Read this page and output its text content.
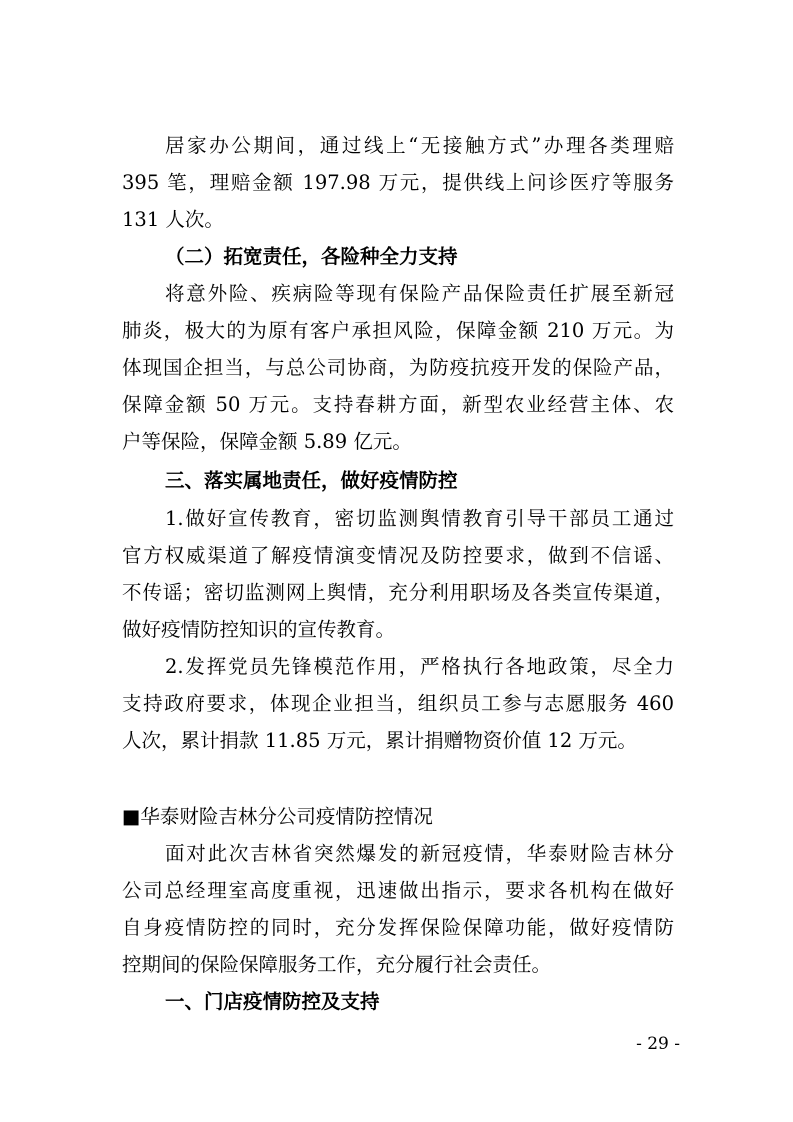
居家办公期间，通过线上“无接触方式”办理各类理赔
395 笔，理赔金额 197.98 万元，提供线上问诊医疗等服务
131 人次。
（二）拓宽责任，各险种全力支持
将意外险、疾病险等现有保险产品保险责任扩展至新冠
肺炎，极大的为原有客户承担风险，保障金额 210 万元。为
体现国企担当，与总公司协商，为防疫抗疫开发的保险产品，
保障金额 50 万元。支持春耕方面，新型农业经营主体、农
户等保险，保障金额 5.89 亿元。
三、落实属地责任，做好疫情防控
1.做好宣传教育，密切监测舆情教育引导干部员工通过
官方权威渠道了解疫情演变情况及防控要求，做到不信谣、
不传谣；密切监测网上舆情，充分利用职场及各类宣传渠道，
做好疫情防控知识的宣传教育。
2.发挥党员先锋模范作用，严格执行各地政策，尽全力
支持政府要求，体现企业担当，组织员工参与志愿服务 460
人次，累计捐款 11.85 万元，累计捐赠物资价值 12 万元。
■华泰财险吉林分公司疫情防控情况
面对此次吉林省突然爆发的新冠疫情，华泰财险吉林分
公司总经理室高度重视，迅速做出指示，要求各机构在做好
自身疫情防控的同时，充分发挥保险保障功能，做好疫情防
控期间的保险保障服务工作，充分履行社会责任。
一、门店疫情防控及支持
- 29 -
